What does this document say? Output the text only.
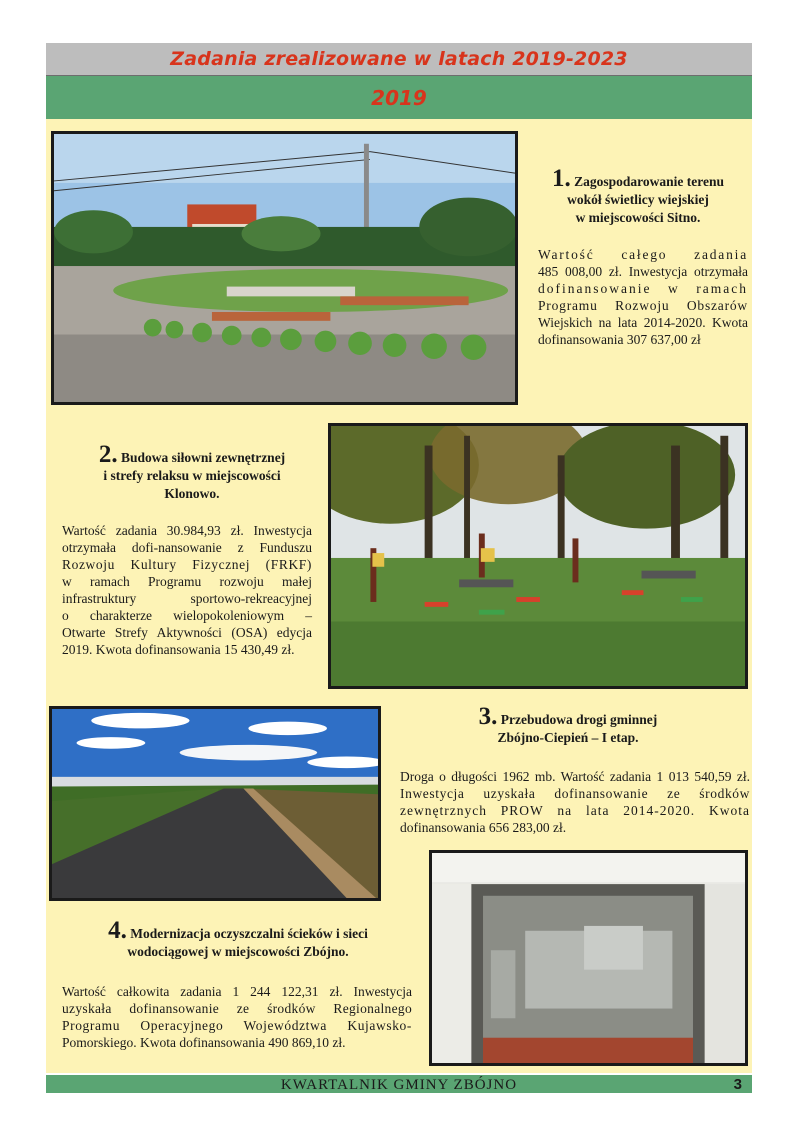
Zadania zrealizowane w latach 2019-2023
2019
1. Zagospodarowanie terenu
wokół świetlicy wiejskiej
w miejscowości Sitno.
Wartość całego zadania
485 008,00 zł. Inwestycja otrzymała
dofinansowanie w ramach
Programu Rozwoju Obszarów
Wiejskich na lata 2014-2020. Kwota
dofinansowania 307 637,00 zł
2. Budowa siłowni zewnętrznej
i strefy relaksu w miejscowości
Klonowo.
Wartość zadania 30.984,93 zł. Inwestycja
otrzymała dofi-nansowanie z Funduszu
Rozwoju Kultury Fizycznej (FRKF)
w ramach Programu rozwoju małej
infrastruktury sportowo-rekreacyjnej
o charakterze wielopokoleniowym –
Otwarte Strefy Aktywności (OSA) edycja
2019. Kwota dofinansowania 15 430,49 zł.
3. Przebudowa drogi gminnej
Zbójno-Ciepień – I etap.
Droga o długości 1962 mb. Wartość zadania 1 013 540,59 zł.
Inwestycja uzyskała dofinansowanie ze środków
zewnętrznych PROW na lata 2014-2020. Kwota
dofinansowania 656 283,00 zł.
4. Modernizacja oczyszczalni ścieków i sieci
wodociągowej w miejscowości Zbójno.
Wartość całkowita zadania 1 244 122,31 zł. Inwestycja
uzyskała dofinansowanie ze środków Regionalnego
Programu Operacyjnego Województwa Kujawsko-
Pomorskiego. Kwota dofinansowania 490 869,10 zł.
KWARTALNIK GMINY ZBÓJNO	3
